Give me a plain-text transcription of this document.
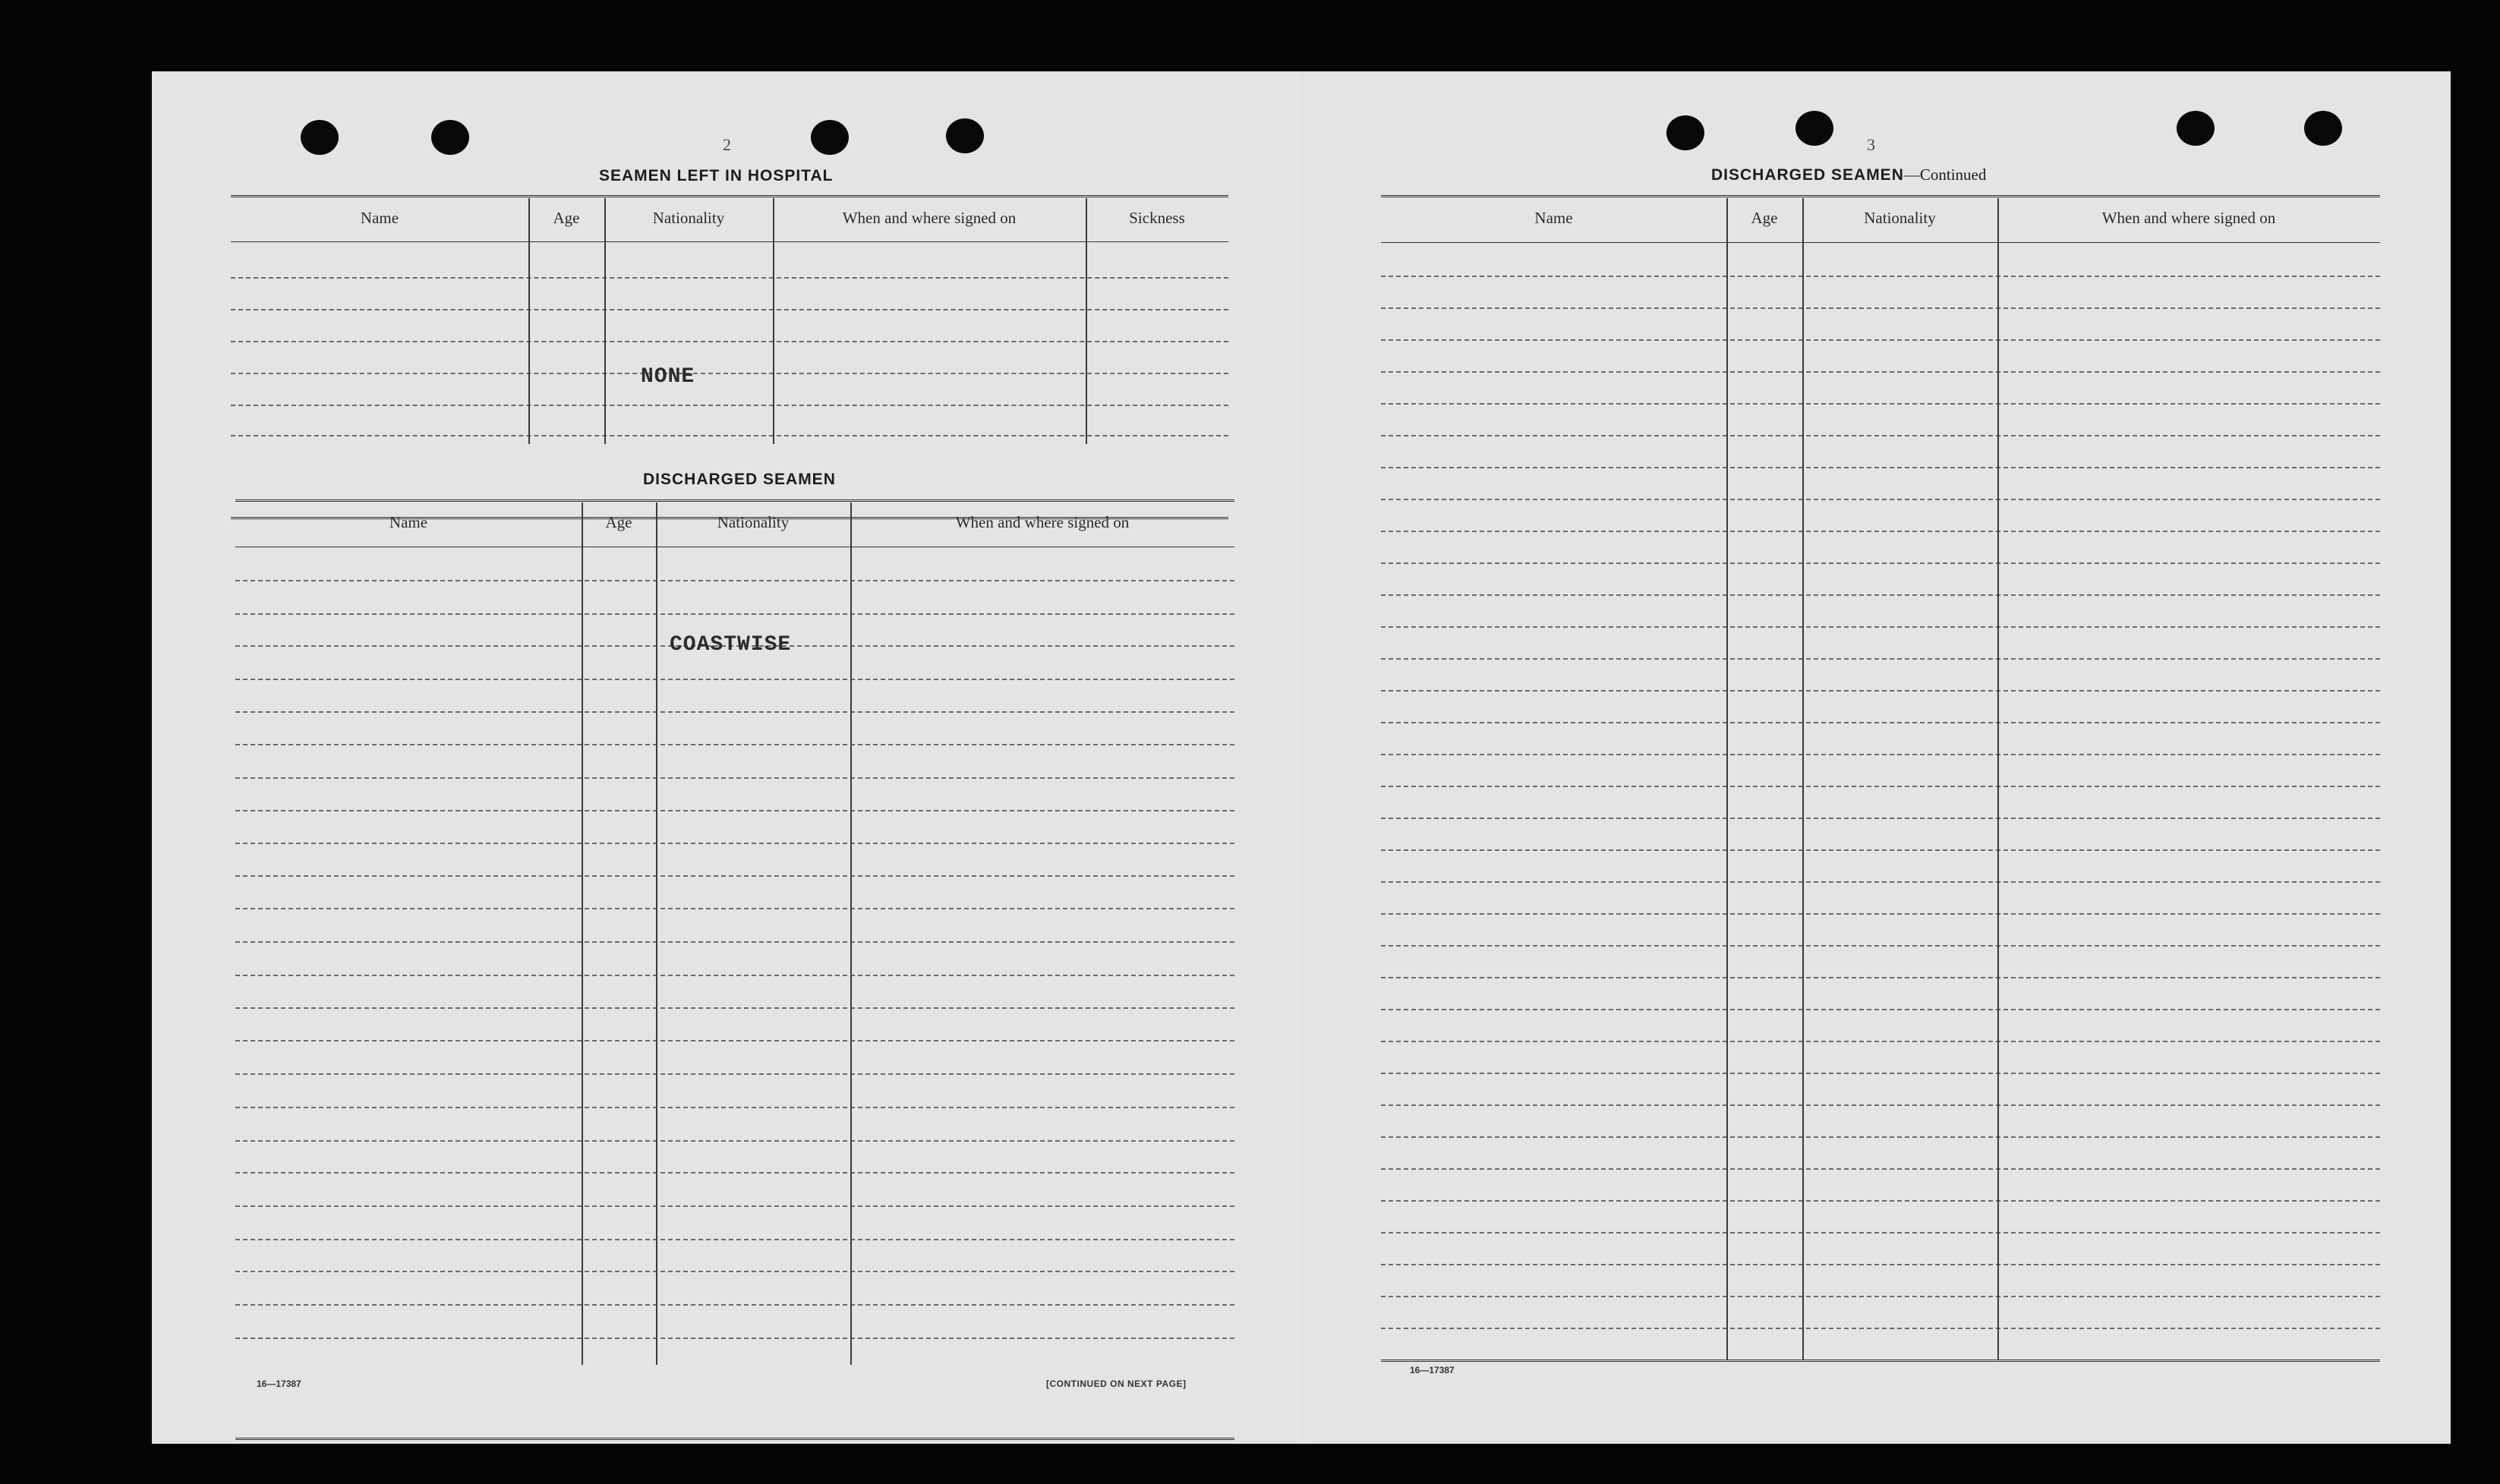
2
SEAMEN LEFT IN HOSPITAL
Name	Age	Nationality	When and where signed on	Sickness
NONE
DISCHARGED SEAMEN
Name	Age	Nationality	When and where signed on
COASTWISE
16—17387	[CONTINUED ON NEXT PAGE]
3
DISCHARGED SEAMEN—Continued
Name	Age	Nationality	When and where signed on
16—17387
